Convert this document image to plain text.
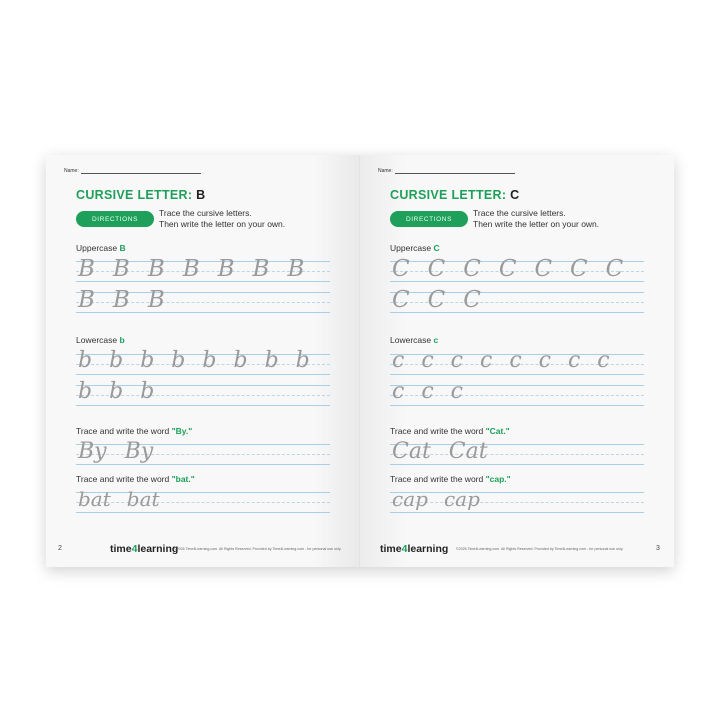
Name:
CURSIVE LETTER: B
DIRECTIONS
Trace the cursive letters.
Then write the letter on your own.
Uppercase B
B B B B B B B
B B B
Lowercase b
b b b b b b b b
b b b
Trace and write the word "By."
By By
Trace and write the word "bat."
bat bat
time4learning
©2026 Time4Learning.com. All Rights Reserved. Provided by Time4Learning.com - for personal use only.
2
Name:
CURSIVE LETTER: C
DIRECTIONS
Trace the cursive letters.
Then write the letter on your own.
Uppercase C
C C C C C C C
C C C
Lowercase c
c c c c c c c c
c c c
Trace and write the word "Cat."
Cat Cat
Trace and write the word "cap."
cap cap
time4learning ©2026 Time4Learning.com. All Rights Reserved. Provided by Time4Learning.com - for personal use only.	3
